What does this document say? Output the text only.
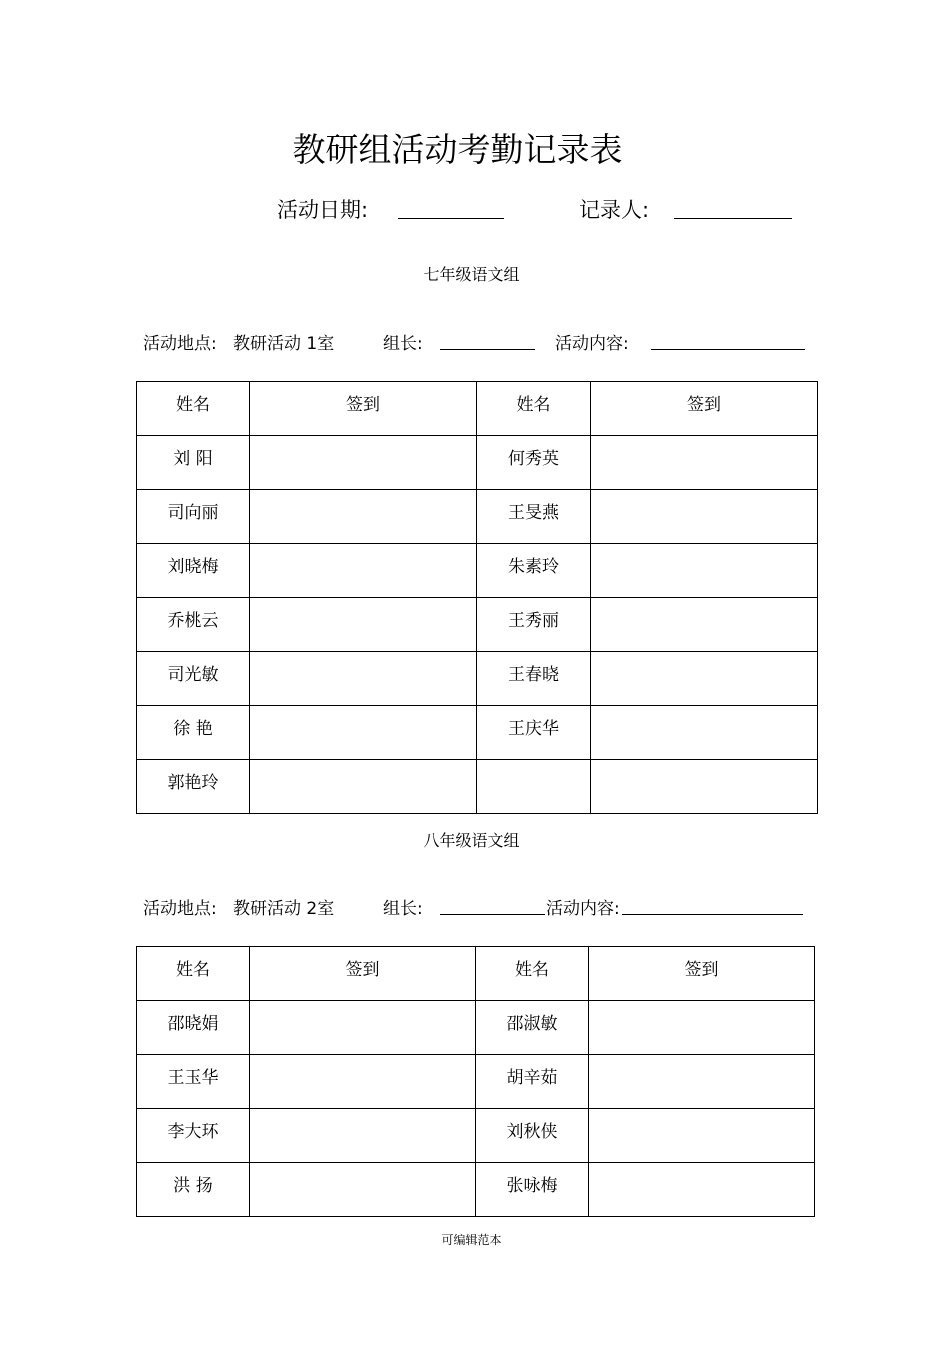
教研组活动考勤记录表
活动日期:	记录人:
七年级语文组
活动地点: 教研活动 1室	组长:	活动内容:
姓名	签到	姓名	签到

刘 阳		何秀英	

司向丽		王旻燕	

刘晓梅		朱素玲	

乔桃云		王秀丽	

司光敏		王春晓	

徐 艳		王庆华	

郭艳玲			

八年级语文组
活动地点: 教研活动 2室	组长:	活动内容:
姓名	签到	姓名	签到

邵晓娟		邵淑敏	

王玉华		胡辛茹	

李大环		刘秋侠	

洪 扬		张咏梅	

可编辑范本
